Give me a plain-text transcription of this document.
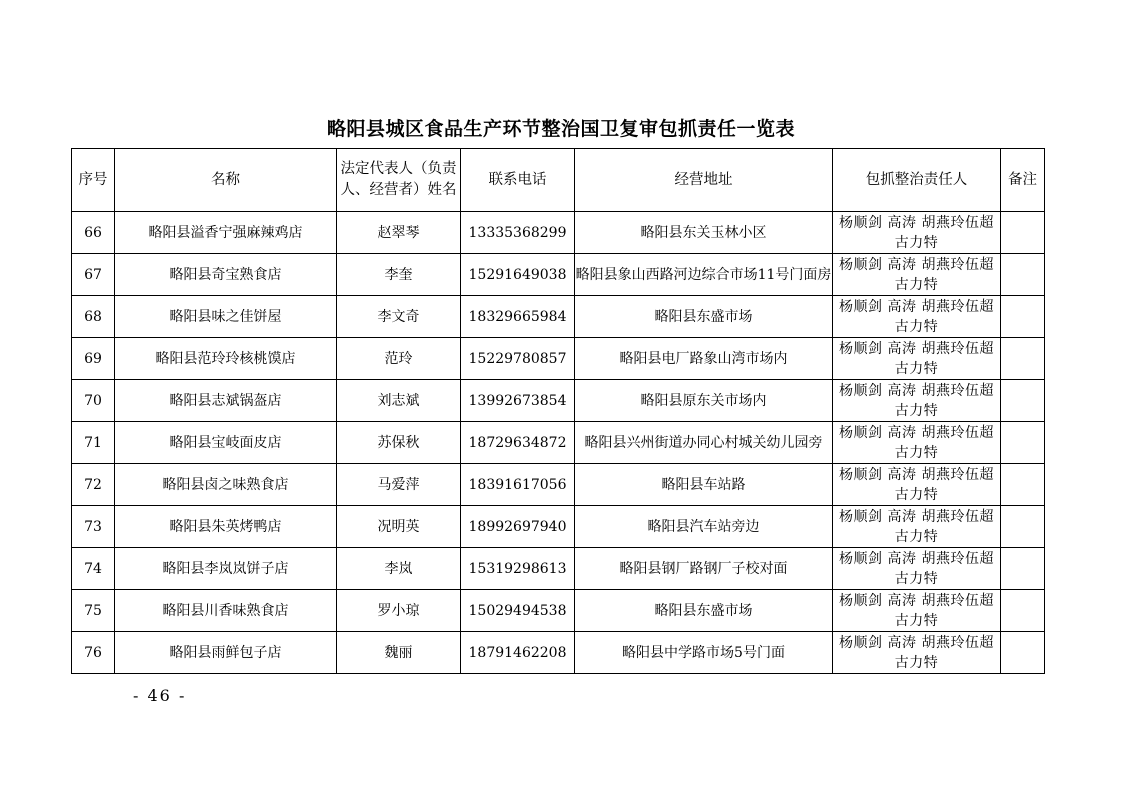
略阳县城区食品生产环节整治国卫复审包抓责任一览表
序号	名称	法定代表人（负责人、经营者）姓名	联系电话	经营地址	包抓整治责任人	备注
66	略阳县溢香宁强麻辣鸡店	赵翠琴	13335368299	略阳县东关玉林小区	杨顺剑 高涛 胡燕玲伍超 古力特	
67	略阳县奇宝熟食店	李奎	15291649038	略阳县象山西路河边综合市场11号门面房	杨顺剑 高涛 胡燕玲伍超 古力特	
68	略阳县味之佳饼屋	李文奇	18329665984	略阳县东盛市场	杨顺剑 高涛 胡燕玲伍超 古力特	
69	略阳县范玲玲核桃馍店	范玲	15229780857	略阳县电厂路象山湾市场内	杨顺剑 高涛 胡燕玲伍超 古力特	
70	略阳县志斌锅盔店	刘志斌	13992673854	略阳县原东关市场内	杨顺剑 高涛 胡燕玲伍超 古力特	
71	略阳县宝岐面皮店	苏保秋	18729634872	略阳县兴州街道办同心村城关幼儿园旁	杨顺剑 高涛 胡燕玲伍超 古力特	
72	略阳县卤之味熟食店	马爱萍	18391617056	略阳县车站路	杨顺剑 高涛 胡燕玲伍超 古力特	
73	略阳县朱英烤鸭店	况明英	18992697940	略阳县汽车站旁边	杨顺剑 高涛 胡燕玲伍超 古力特	
74	略阳县李岚岚饼子店	李岚	15319298613	略阳县钢厂路钢厂子校对面	杨顺剑 高涛 胡燕玲伍超 古力特	
75	略阳县川香味熟食店	罗小琼	15029494538	略阳县东盛市场	杨顺剑 高涛 胡燕玲伍超 古力特	
76	略阳县雨鲜包子店	魏丽	18791462208	略阳县中学路市场5号门面	杨顺剑 高涛 胡燕玲伍超 古力特	
- 46 -
